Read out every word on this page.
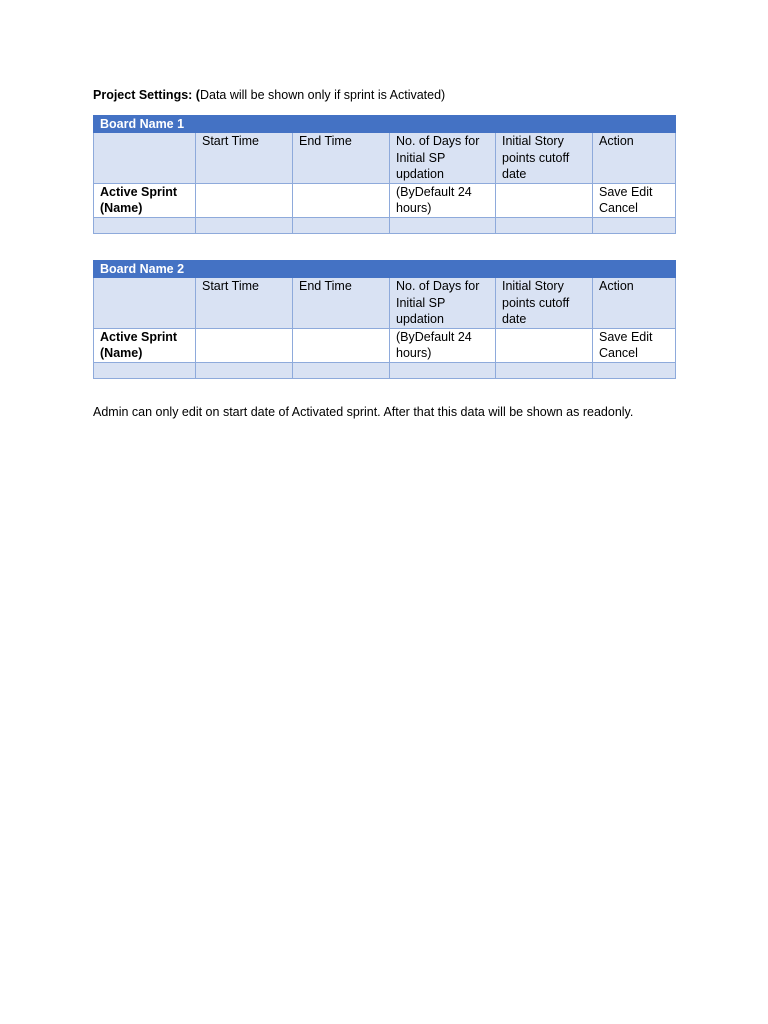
Project Settings: (Data will be shown only if sprint is Activated)
Board Name 1					
	Start Time	End Time	No. of Days for Initial SP updation	Initial Story points cutoff date	Action
Active Sprint (Name)			(ByDefault 24 hours)		Save Edit Cancel

Board Name 2					
	Start Time	End Time	No. of Days for Initial SP updation	Initial Story points cutoff date	Action
Active Sprint (Name)			(ByDefault 24 hours)		Save Edit Cancel

Admin can only edit on start date of Activated sprint. After that this data will be shown as readonly.
